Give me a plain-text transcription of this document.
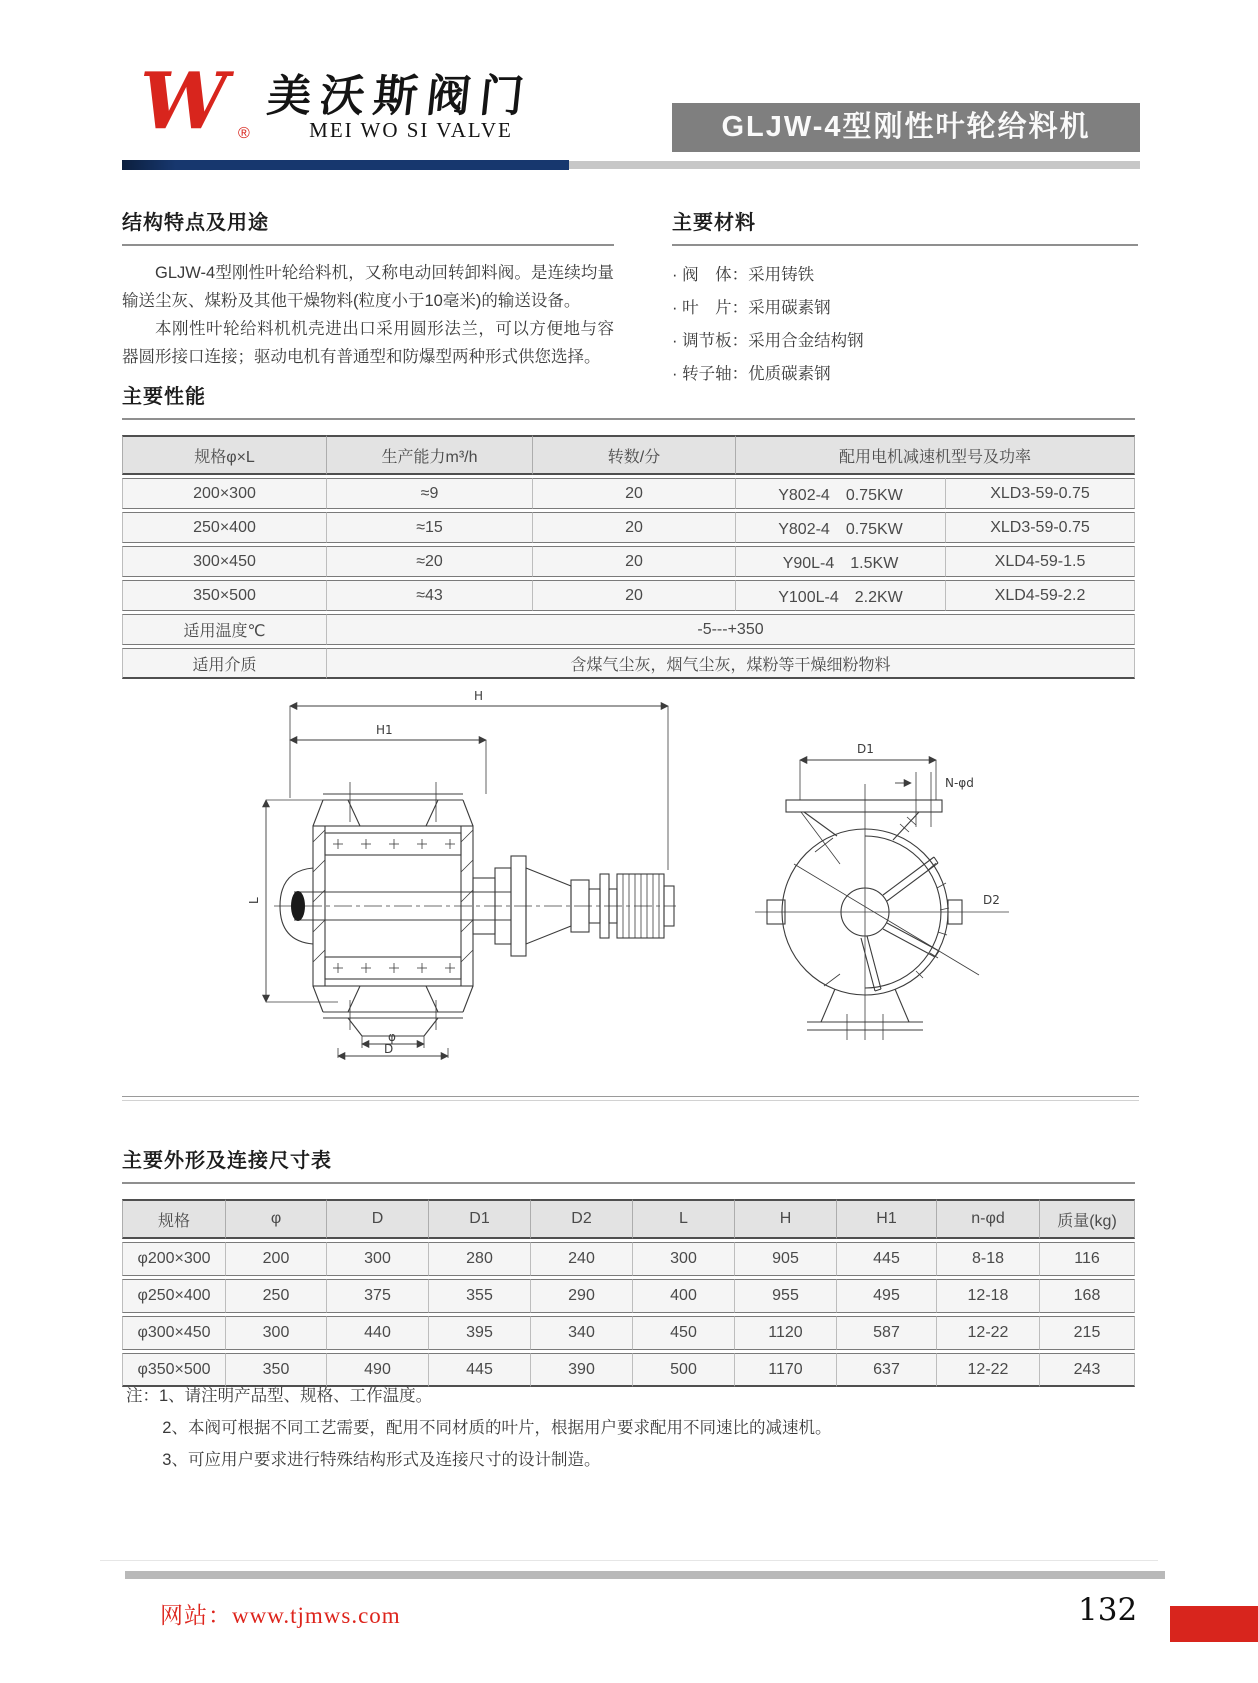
W ®
美沃斯阀门
MEI WO SI VALVE	GLJW-4型刚性叶轮给料机
结构特点及用途

GLJW-4型刚性叶轮给料机，又称电动回转卸料阀。是连续均量输送尘灰、煤粉及其他干燥物料(粒度小于10毫米)的输送设备。

本刚性叶轮给料机机壳进出口采用圆形法兰，可以方便地与容器圆形接口连接；驱动电机有普通型和防爆型两种形式供您选择。

主要材料
· 阀　体：采用铸铁
· 叶　片：采用碳素钢
· 调节板：采用合金结构钢
· 转子轴：优质碳素钢
主要性能
规格φ×L	生产能力m³/h	转数/分	配用电机减速机型号及功率	
200×300	≈9	20	Y802-4　0.75KW	XLD3-59-0.75
250×400	≈15	20	Y802-4　0.75KW	XLD3-59-0.75
300×450	≈20	20	Y90L-4　1.5KW	XLD4-59-1.5
350×500	≈43	20	Y100L-4　2.2KW	XLD4-59-2.2
适用温度℃	-5---+350			
适用介质	含煤气尘灰，烟气尘灰，煤粉等干燥细粉物料			
H
H1
L
φ
D
D1
N-φd
D2
主要外形及连接尺寸表
规格	φ	D	D1	D2	L	H	H1	n-φd	质量(kg)
φ200×300	200	300	280	240	300	905	445	8-18	116
φ250×400	250	375	355	290	400	955	495	12-18	168
φ300×450	300	440	395	340	450	1120	587	12-22	215
φ350×500	350	490	445	390	500	1170	637	12-22	243
注：1、请注明产品型、规格、工作温度。
2、本阀可根据不同工艺需要，配用不同材质的叶片，根据用户要求配用不同速比的减速机。
3、可应用户要求进行特殊结构形式及连接尺寸的设计制造。
网站：www.tjmws.com	132
